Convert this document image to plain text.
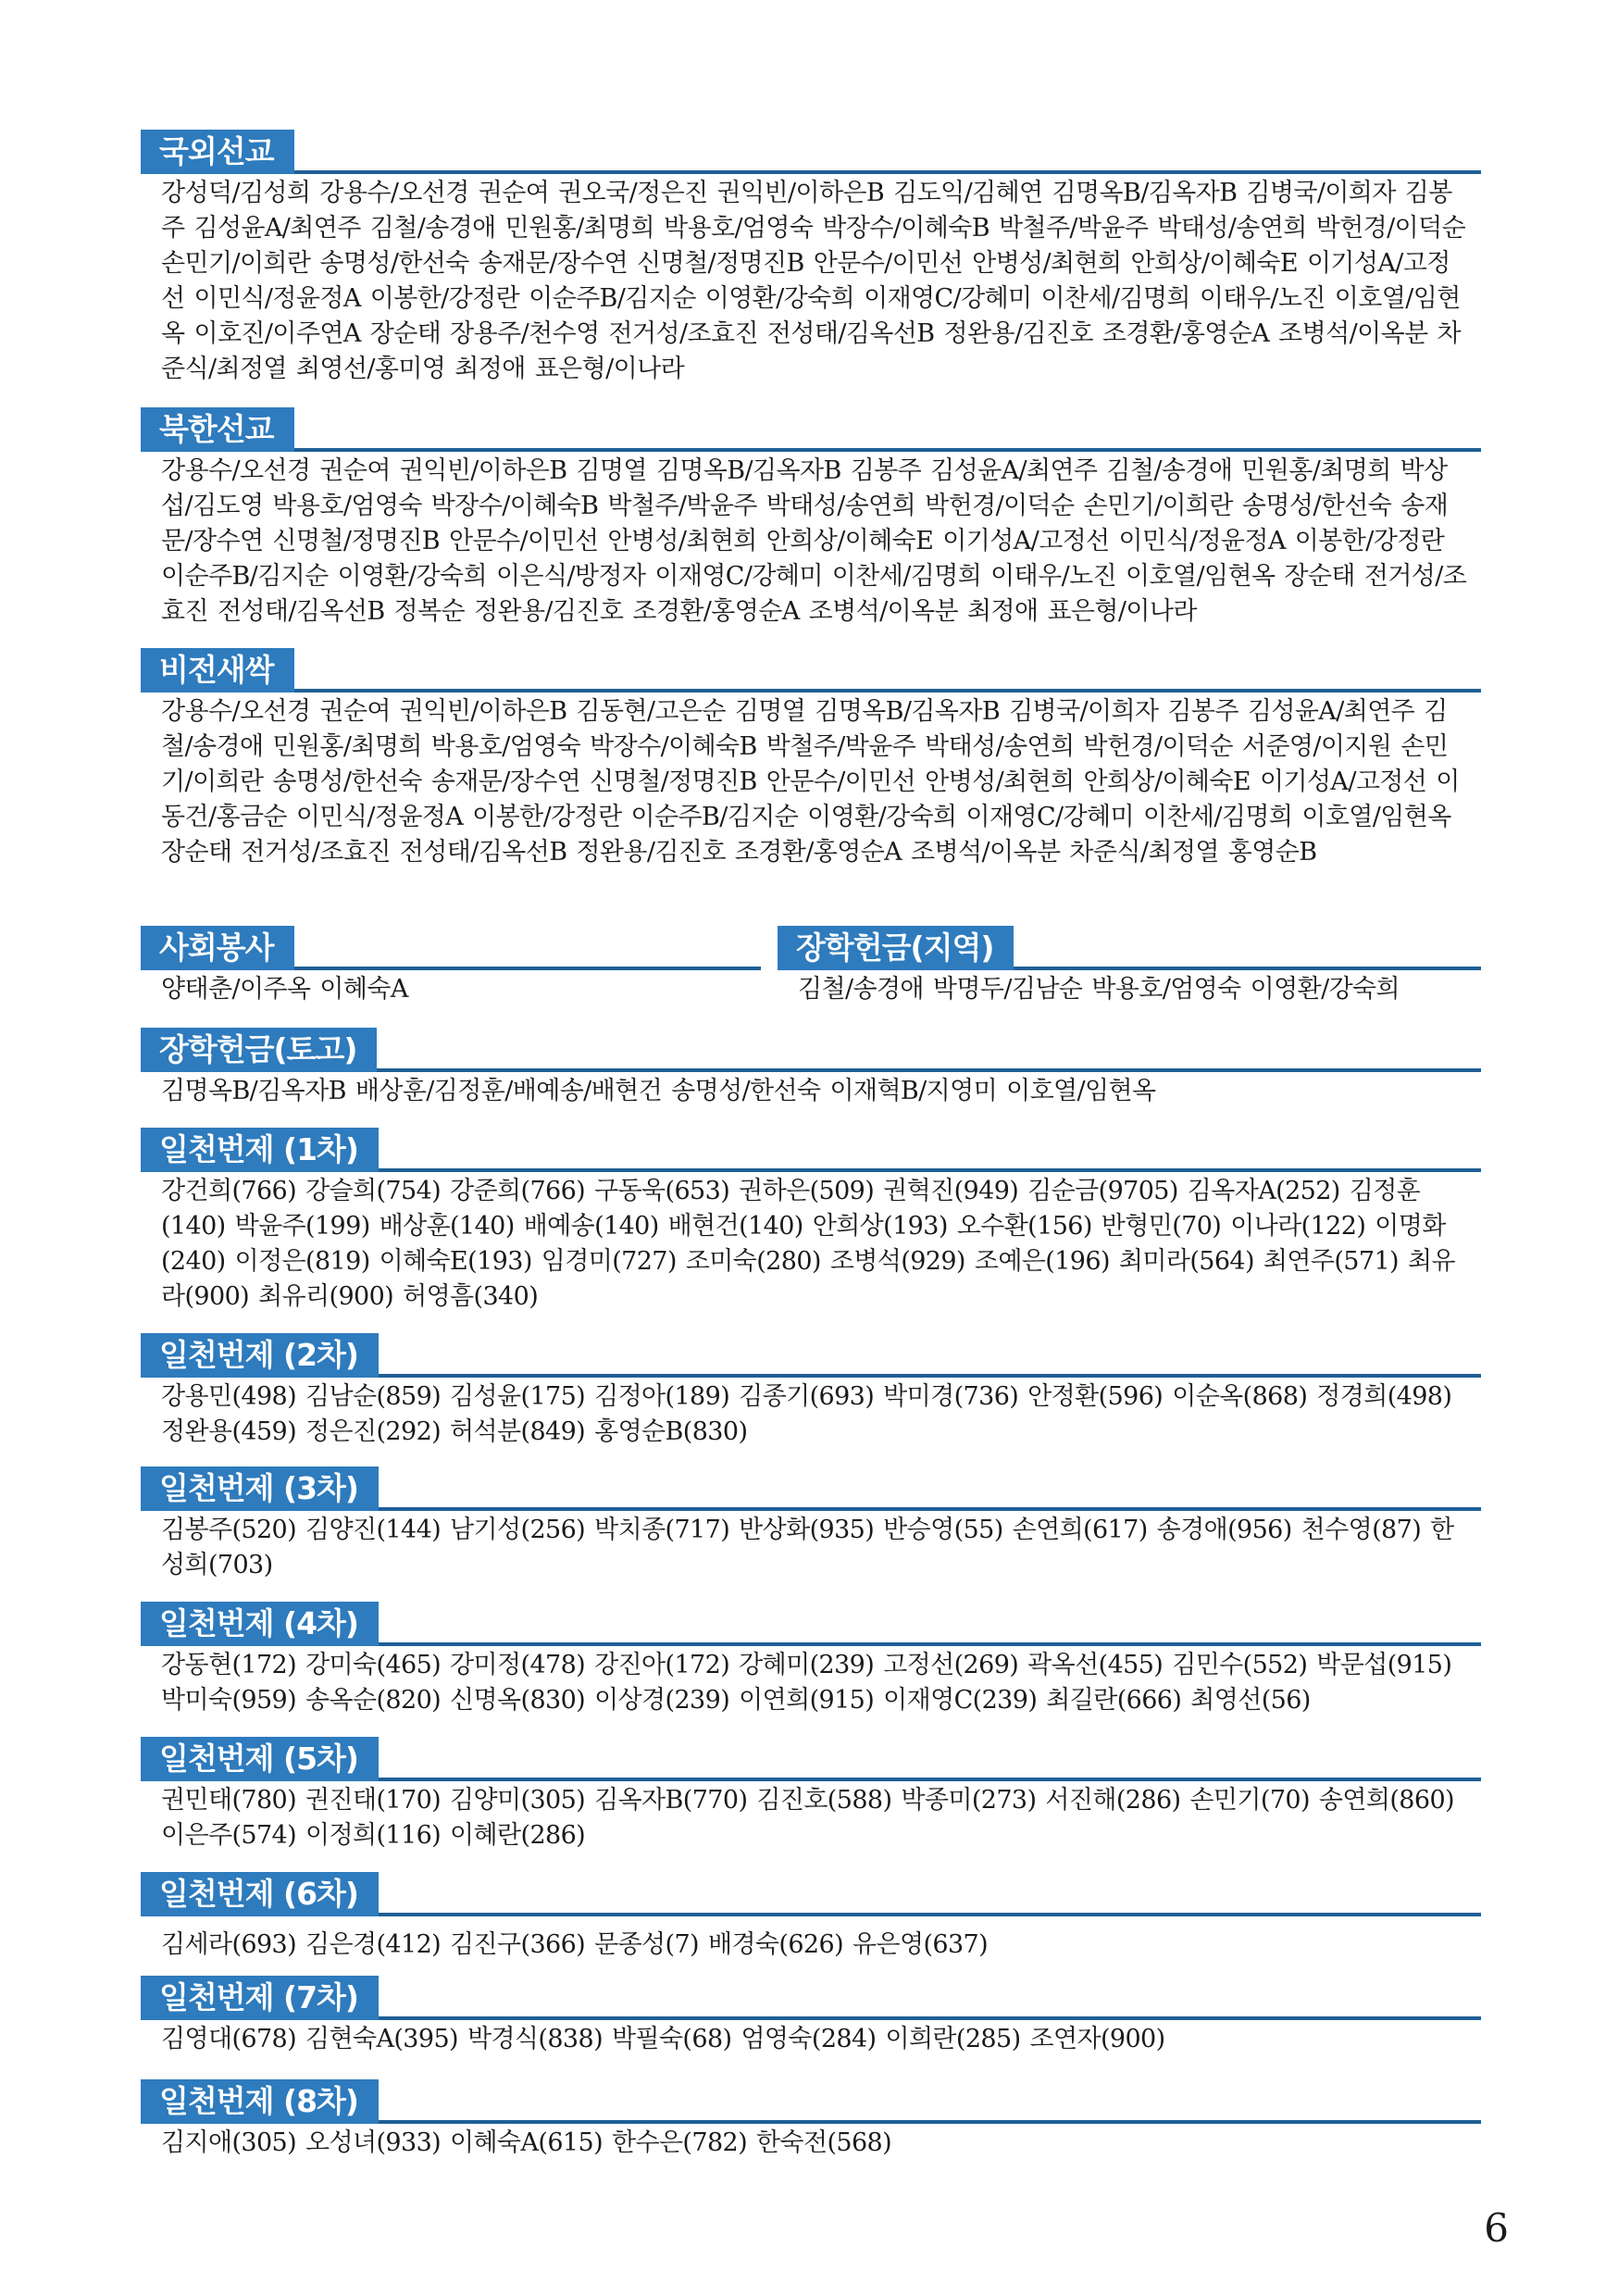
국외선교
강성덕/김성희 강용수/오선경 권순여 권오국/정은진 권익빈/이하은B 김도익/김혜연 김명옥B/김옥자B 김병국/이희자 김봉주 김성윤A/최연주 김철/송경애 민원홍/최명희 박용호/엄영숙 박장수/이혜숙B 박철주/박윤주 박태성/송연희 박헌경/이덕순 손민기/이희란 송명성/한선숙 송재문/장수연 신명철/정명진B 안문수/이민선 안병성/최현희 안희상/이혜숙E 이기성A/고정선 이민식/정윤정A 이봉한/강정란 이순주B/김지순 이영환/강숙희 이재영C/강혜미 이찬세/김명희 이태우/노진 이호열/임현옥 이호진/이주연A 장순태 장용주/천수영 전거성/조효진 전성태/김옥선B 정완용/김진호 조경환/홍영순A 조병석/이옥분 차준식/최정열 최영선/홍미영 최정애 표은형/이나라
북한선교
강용수/오선경 권순여 권익빈/이하은B 김명열 김명옥B/김옥자B 김봉주 김성윤A/최연주 김철/송경애 민원홍/최명희 박상섭/김도영 박용호/엄영숙 박장수/이혜숙B 박철주/박윤주 박태성/송연희 박헌경/이덕순 손민기/이희란 송명성/한선숙 송재문/장수연 신명철/정명진B 안문수/이민선 안병성/최현희 안희상/이혜숙E 이기성A/고정선 이민식/정윤정A 이봉한/강정란 이순주B/김지순 이영환/강숙희 이은식/방정자 이재영C/강혜미 이찬세/김명희 이태우/노진 이호열/임현옥 장순태 전거성/조효진 전성태/김옥선B 정복순 정완용/김진호 조경환/홍영순A 조병석/이옥분 최정애 표은형/이나라
비전새싹
강용수/오선경 권순여 권익빈/이하은B 김동현/고은순 김명열 김명옥B/김옥자B 김병국/이희자 김봉주 김성윤A/최연주 김철/송경애 민원홍/최명희 박용호/엄영숙 박장수/이혜숙B 박철주/박윤주 박태성/송연희 박헌경/이덕순 서준영/이지원 손민기/이희란 송명성/한선숙 송재문/장수연 신명철/정명진B 안문수/이민선 안병성/최현희 안희상/이혜숙E 이기성A/고정선 이동건/홍금순 이민식/정윤정A 이봉한/강정란 이순주B/김지순 이영환/강숙희 이재영C/강혜미 이찬세/김명희 이호열/임현옥 장순태 전거성/조효진 전성태/김옥선B 정완용/김진호 조경환/홍영순A 조병석/이옥분 차준식/최정열 홍영순B
사회봉사
양태춘/이주옥 이혜숙A
장학헌금(지역)
김철/송경애 박명두/김남순 박용호/엄영숙 이영환/강숙희
장학헌금(토고)
김명옥B/김옥자B 배상훈/김정훈/배예송/배현건 송명성/한선숙 이재혁B/지영미 이호열/임현옥
일천번제 (1차)
강건희(766) 강슬희(754) 강준희(766) 구동욱(653) 권하은(509) 권혁진(949) 김순금(9705) 김옥자A(252) 김정훈(140) 박윤주(199) 배상훈(140) 배예송(140) 배현건(140) 안희상(193) 오수환(156) 반형민(70) 이나라(122) 이명화(240) 이정은(819) 이혜숙E(193) 임경미(727) 조미숙(280) 조병석(929) 조예은(196) 최미라(564) 최연주(571) 최유라(900) 최유리(900) 허영흠(340)
일천번제 (2차)
강용민(498) 김남순(859) 김성윤(175) 김정아(189) 김종기(693) 박미경(736) 안정환(596) 이순옥(868) 정경희(498) 정완용(459) 정은진(292) 허석분(849) 홍영순B(830)
일천번제 (3차)
김봉주(520) 김양진(144) 남기성(256) 박치종(717) 반상화(935) 반승영(55) 손연희(617) 송경애(956) 천수영(87) 한성희(703)
일천번제 (4차)
강동현(172) 강미숙(465) 강미정(478) 강진아(172) 강혜미(239) 고정선(269) 곽옥선(455) 김민수(552) 박문섭(915) 박미숙(959) 송옥순(820) 신명옥(830) 이상경(239) 이연희(915) 이재영C(239) 최길란(666) 최영선(56)
일천번제 (5차)
권민태(780) 권진태(170) 김양미(305) 김옥자B(770) 김진호(588) 박종미(273) 서진해(286) 손민기(70) 송연희(860) 이은주(574) 이정희(116) 이혜란(286)
일천번제 (6차)
김세라(693) 김은경(412) 김진구(366) 문종성(7) 배경숙(626) 유은영(637)
일천번제 (7차)
김영대(678) 김현숙A(395) 박경식(838) 박필숙(68) 엄영숙(284) 이희란(285) 조연자(900)
일천번제 (8차)
김지애(305) 오성녀(933) 이혜숙A(615) 한수은(782) 한숙전(568)
6
